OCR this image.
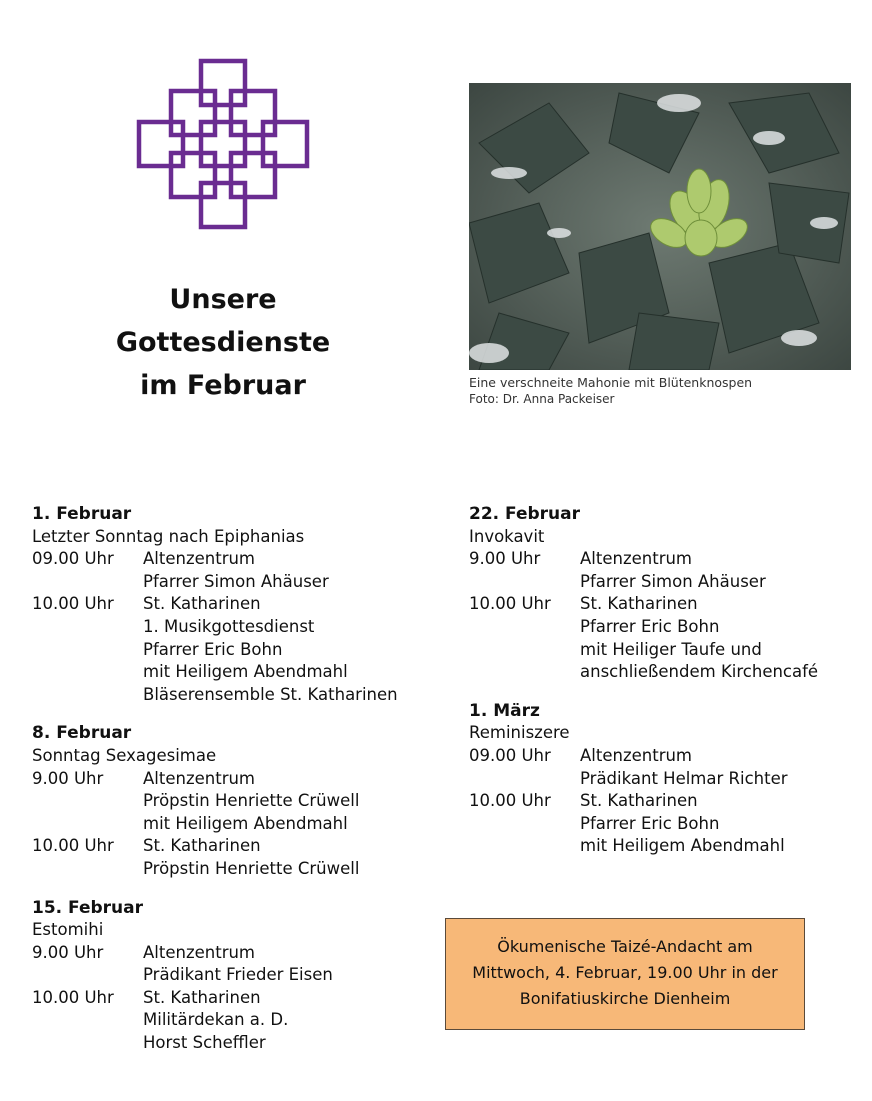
Unsere
Gottesdienste
im Februar	Eine verschneite Mahonie mit Blütenknospen
Foto: Dr. Anna Packeiser
1. Februar
Letzter Sonntag nach Epiphanias
09.00 Uhr	Altenzentrum
Pfarrer Simon Ahäuser
10.00 Uhr	St. Katharinen
1. Musikgottesdienst
Pfarrer Eric Bohn
mit Heiligem Abendmahl
Bläserensemble St. Katharinen
8. Februar
Sonntag Sexagesimae
9.00 Uhr	Altenzentrum
Pröpstin Henriette Crüwell
mit Heiligem Abendmahl
10.00 Uhr	St. Katharinen
Pröpstin Henriette Crüwell
15. Februar
Estomihi
9.00 Uhr	Altenzentrum
Prädikant Frieder Eisen
10.00 Uhr	St. Katharinen
Militärdekan a. D.
Horst Scheffler
22. Februar
Invokavit
9.00 Uhr	Altenzentrum
Pfarrer Simon Ahäuser
10.00 Uhr	St. Katharinen
Pfarrer Eric Bohn
mit Heiliger Taufe und
anschließendem Kirchencafé
1. März
Reminiszere
09.00 Uhr	Altenzentrum
Prädikant Helmar Richter
10.00 Uhr	St. Katharinen
Pfarrer Eric Bohn
mit Heiligem Abendmahl
Ökumenische Taizé-Andacht am
Mittwoch, 4. Februar, 19.00 Uhr in der
Bonifatiuskirche Dienheim
